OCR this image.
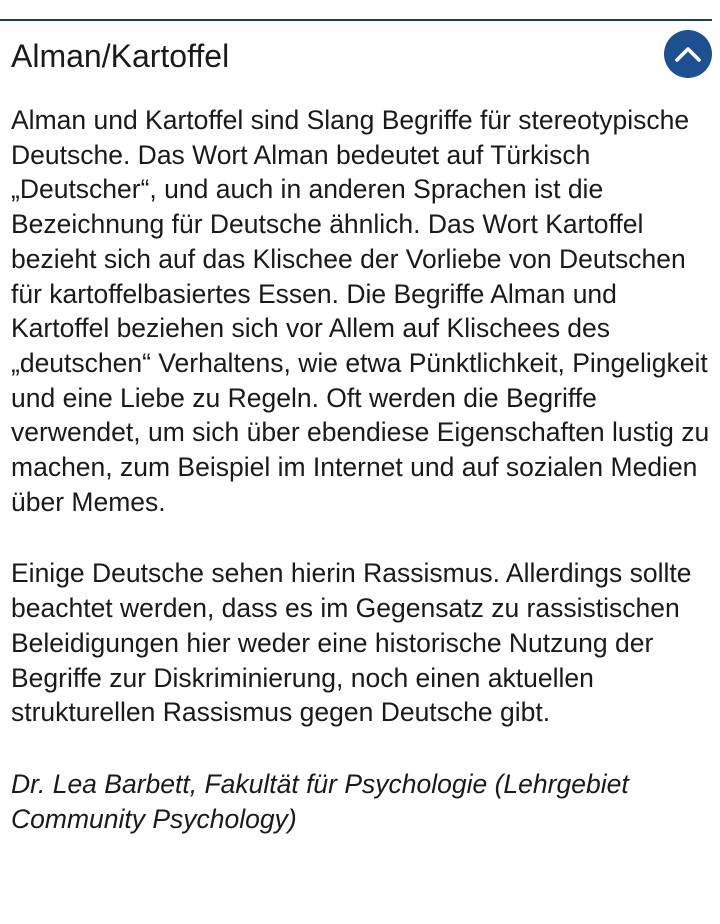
Alman/Kartoffel

Alman und Kartoffel sind Slang Begriffe für stereotypische Deutsche. Das Wort Alman bedeutet auf Türkisch „Deutscher“, und auch in anderen Sprachen ist die Bezeichnung für Deutsche ähnlich. Das Wort Kartoffel bezieht sich auf das Klischee der Vorliebe von Deutschen für kartoffelbasiertes Essen. Die Begriffe Alman und Kartoffel beziehen sich vor Allem auf Klischees des „deutschen“ Verhaltens, wie etwa Pünktlichkeit, Pingeligkeit und eine Liebe zu Regeln. Oft werden die Begriffe verwendet, um sich über ebendiese Eigenschaften lustig zu machen, zum Beispiel im Internet und auf sozialen Medien über Memes.

Einige Deutsche sehen hierin Rassismus. Allerdings sollte beachtet werden, dass es im Gegensatz zu rassistischen Beleidigungen hier weder eine historische Nutzung der Begriffe zur Diskriminierung, noch einen aktuellen strukturellen Rassismus gegen Deutsche gibt.

Dr. Lea Barbett, Fakultät für Psychologie (Lehrgebiet Community Psychology)
